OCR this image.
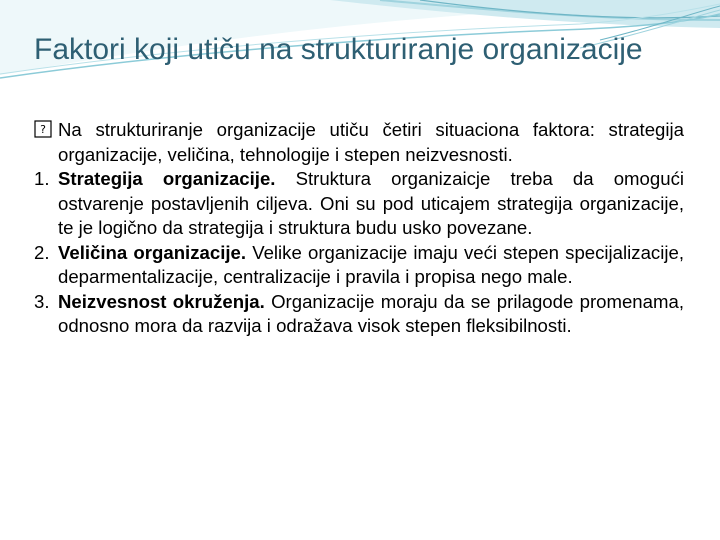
Faktori koji utiču na strukturiranje organizacije

? Na strukturiranje organizacije utiču četiri situaciona faktora: strategija organizacije, veličina, tehnologije i stepen neizvesnosti.

1. Strategija organizacije. Struktura organizaicje treba da omogući ostvarenje postavljenih ciljeva. Oni su pod uticajem strategija organizacije, te je logično da strategija i struktura budu usko povezane.

2. Veličina organizacije. Velike organizacije imaju veći stepen specijalizacije, deparmentalizacije, centralizacije i pravila i propisa nego male.

3. Neizvesnost okruženja. Organizacije moraju da se prilagode promenama, odnosno mora da razvija i odražava visok stepen fleksibilnosti.
